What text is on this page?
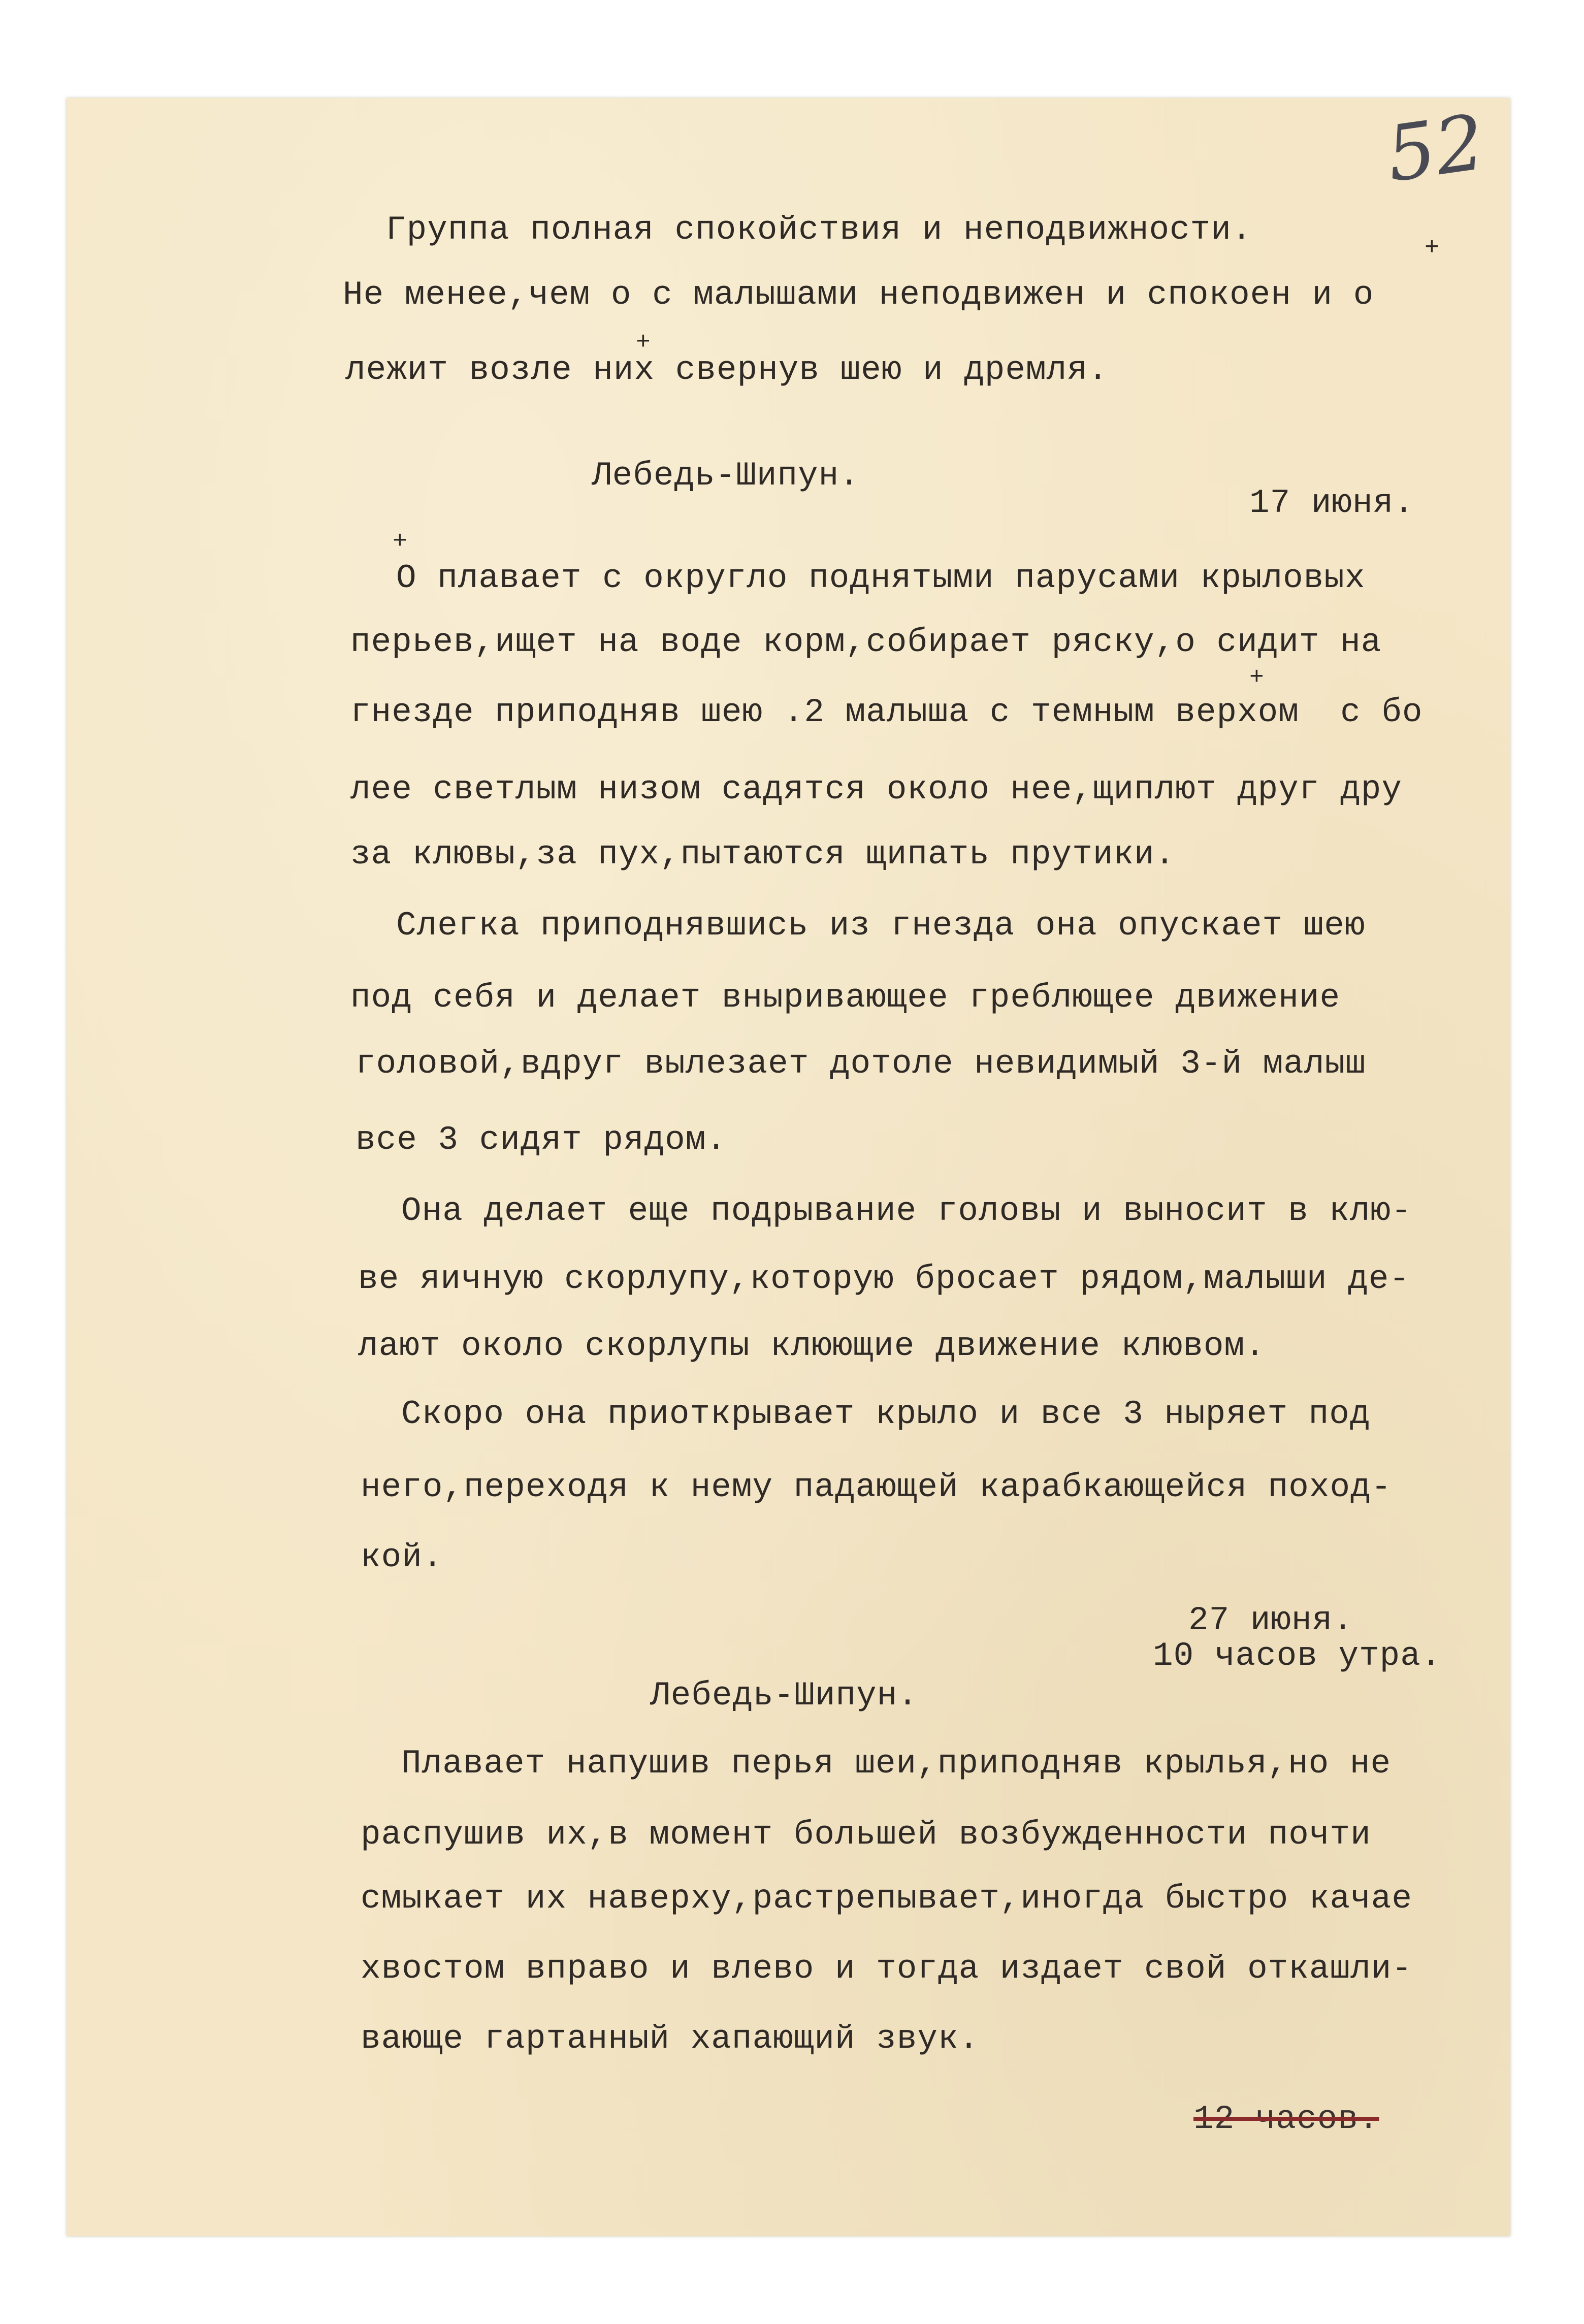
52
Группа полная спокойствия и неподвижности.
Не менее,чем о с малышами неподвижен и спокоен и о
лежит возле них свернув шею и дремля.
Лебедь-Шипун.
17 июня.
О плавает с округло поднятыми парусами крыловых
перьев,ищет на воде корм,собирает ряску,о сидит на
гнезде приподняв шею .2 малыша с темным верхом  с бо
лее светлым низом садятся около нее,щиплют друг дру
за клювы,за пух,пытаются щипать прутики.
Слегка приподнявшись из гнезда она опускает шею
под себя и делает вныривающее греблющее движение
головой,вдруг вылезает дотоле невидимый 3-й малыш
все 3 сидят рядом.
Она делает еще подрывание головы и выносит в клю-
ве яичную скорлупу,которую бросает рядом,малыши де-
лают около скорлупы клюющие движение клювом.
Скоро она приоткрывает крыло и все 3 ныряет под
него,переходя к нему падающей карабкающейся поход-
кой.
27 июня.
10 часов утра.
Лебедь-Шипун.
Плавает напушив перья шеи,приподняв крылья,но не
распушив их,в момент большей возбужденности почти
смыкает их наверху,растрепывает,иногда быстро качае
хвостом вправо и влево и тогда издает свой откашли-
вающе гартанный хапающий звук.
12 часов.
+
+
+
+
